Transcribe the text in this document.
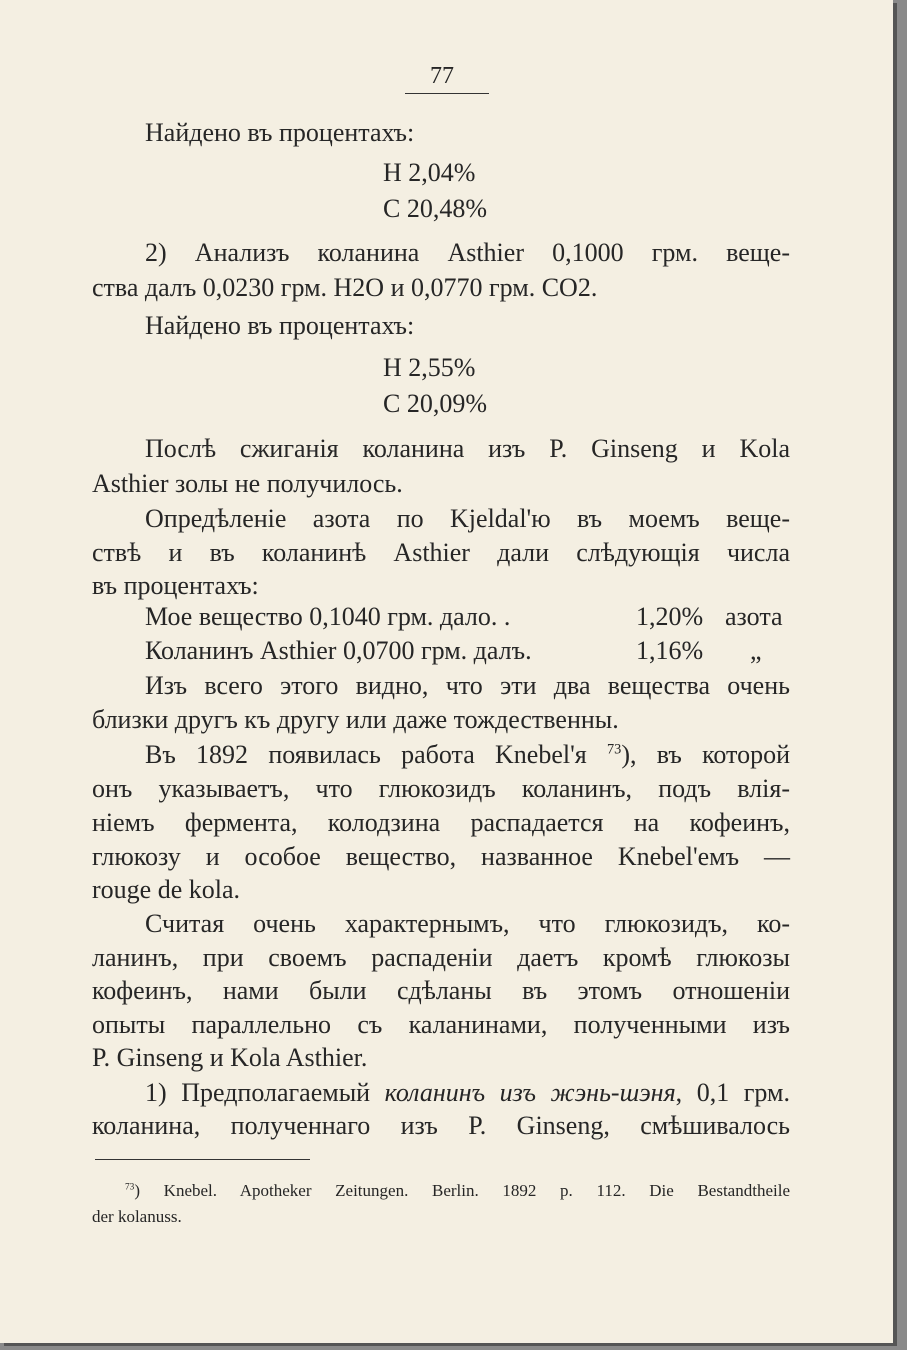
77
Найдено въ процентахъ:
H 2,04%
C 20,48%
2) Анализъ коланина Asthier 0,1000 грм. веще-
ства далъ 0,0230 грм. H2O и 0,0770 грм. CO2.
Найдено въ процентахъ:
H 2,55%
C 20,09%
Послѣ сжиганія коланина изъ P. Ginseng и Kola
Asthier золы не получилось.
Опредѣленіе азота по Kjeldal'ю въ моемъ веще-
ствѣ и въ коланинѣ Asthier дали слѣдующія числа
въ процентахъ:
Мое вещество 0,1040 грм. дало. .	1,20% азота
Коланинъ Asthier 0,0700 грм. далъ.	1,16% „
Изъ всего этого видно, что эти два вещества очень
близки другъ къ другу или даже тождественны.
Въ 1892 появилась работа Knebel'я $^{73}$), въ которой
онъ указываетъ, что глюкозидъ коланинъ, подъ влія-
ніемъ фермента, колодзина распадается на кофеинъ,
глюкозу и особое вещество, названное Knebel'емъ —
rouge de kola.
Считая очень характернымъ, что глюкозидъ, ко-
ланинъ, при своемъ распаденіи даетъ кромѣ глюкозы
кофеинъ, нами были сдѣланы въ этомъ отношеніи
опыты параллельно съ каланинами, полученными изъ
P. Ginseng и Kola Asthier.
1) Предполагаемый коланинъ изъ жэнь-шэня, 0,1 грм.
коланина, полученнаго изъ P. Ginseng, смѣшивалось
$^{73}$) Knebel. Apotheker Zeitungen. Berlin. 1892 p. 112. Die Bestandtheile
der kolanuss.
